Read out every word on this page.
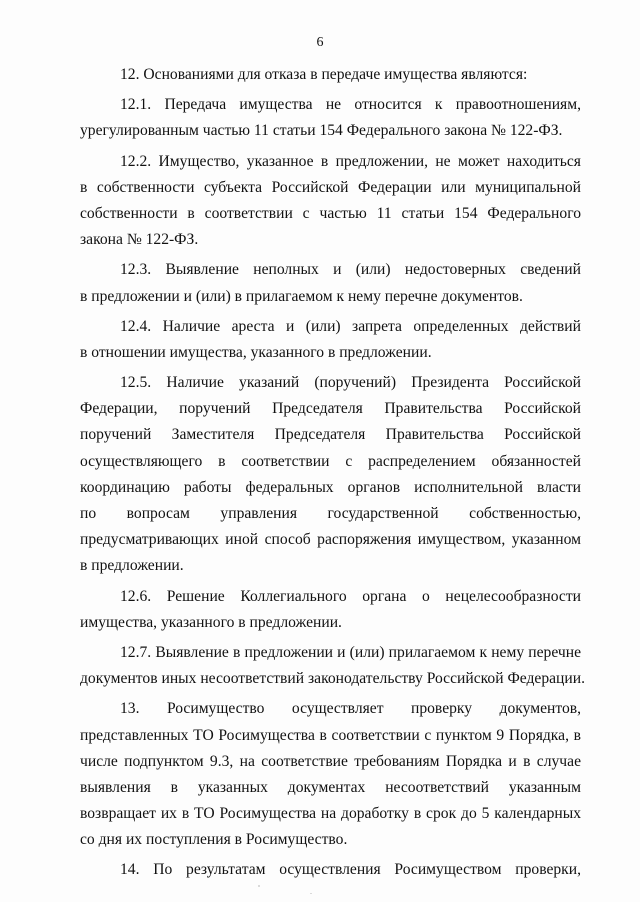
6
12. Основаниями для отказа в передаче имущества являются:
12.1. Передача имущества не относится к правоотношениям,
урегулированным частью 11 статьи 154 Федерального закона № 122-ФЗ.
12.2. Имущество, указанное в предложении, не может находиться
в собственности субъекта Российской Федерации или муниципальной
собственности в соответствии с частью 11 статьи 154 Федерального
закона № 122-ФЗ.
12.3. Выявление неполных и (или) недостоверных сведений
в предложении и (или) в прилагаемом к нему перечне документов.
12.4. Наличие ареста и (или) запрета определенных действий
в отношении имущества, указанного в предложении.
12.5. Наличие указаний (поручений) Президента Российской
Федерации, поручений Председателя Правительства Российской
поручений Заместителя Председателя Правительства Российской
осуществляющего в соответствии с распределением обязанностей
координацию работы федеральных органов исполнительной власти
по вопросам управления государственной собственностью,
предусматривающих иной способ распоряжения имуществом, указанном
в предложении.
12.6. Решение Коллегиального органа о нецелесообразности
имущества, указанного в предложении.
12.7. Выявление в предложении и (или) прилагаемом к нему перечне
документов иных несоответствий законодательству Российской Федерации.
13. Росимущество осуществляет проверку документов,
представленных ТО Росимущества в соответствии с пунктом 9 Порядка, в
числе подпунктом 9.3, на соответствие требованиям Порядка и в случае
выявления в указанных документах несоответствий указанным
возвращает их в ТО Росимущества на доработку в срок до 5 календарных
со дня их поступления в Росимущество.
14. По результатам осуществления Росимуществом проверки,
